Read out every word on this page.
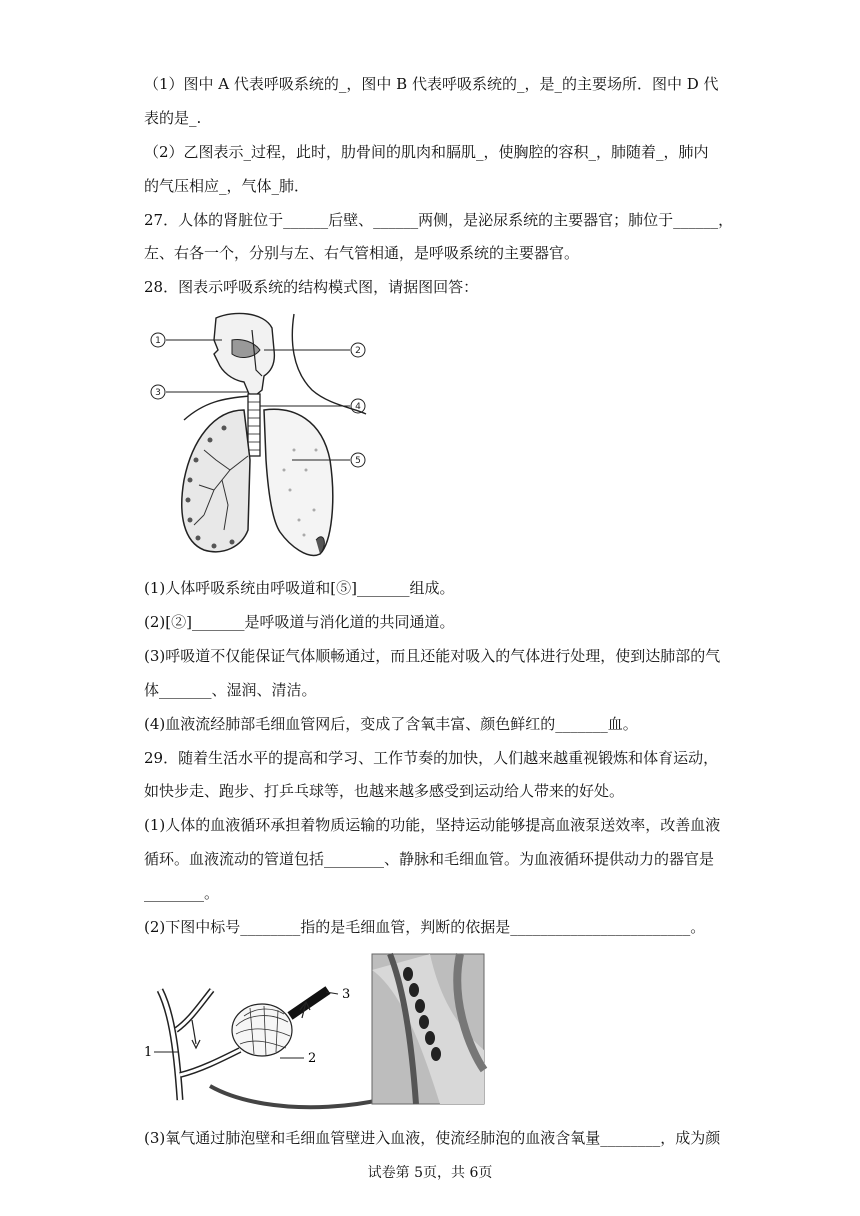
（1）图中 A 代表呼吸系统的_，图中 B 代表呼吸系统的_，是_的主要场所．图中 D 代
表的是_.
（2）乙图表示_过程，此时，肋骨间的肌肉和膈肌_，使胸腔的容积_，肺随着_，肺内
的气压相应_，气体_肺．
27．人体的肾脏位于______后壁、______两侧，是泌尿系统的主要器官；肺位于______，
左、右各一个，分别与左、右气管相通，是呼吸系统的主要器官。
28．图表示呼吸系统的结构模式图，请据图回答：
1
2
3
4
5
(1)人体呼吸系统由呼吸道和[⑤]_______组成。
(2)[②]_______是呼吸道与消化道的共同通道。
(3)呼吸道不仅能保证气体顺畅通过，而且还能对吸入的气体进行处理，使到达肺部的气
体_______、湿润、清洁。
(4)血液流经肺部毛细血管网后，变成了含氧丰富、颜色鲜红的_______血。
29．随着生活水平的提高和学习、工作节奏的加快，人们越来越重视锻炼和体育运动，
如快步走、跑步、打乒乓球等，也越来越多感受到运动给人带来的好处。
(1)人体的血液循环承担着物质运输的功能，坚持运动能够提高血液泵送效率，改善血液
循环。血液流动的管道包括________、静脉和毛细血管。为血液循环提供动力的器官是
________。
(2)下图中标号________指的是毛细血管，判断的依据是________________________。
1	2
3
(3)氧气通过肺泡壁和毛细血管壁进入血液，使流经肺泡的血液含氧量________，成为颜
试卷第 5页，共 6页
